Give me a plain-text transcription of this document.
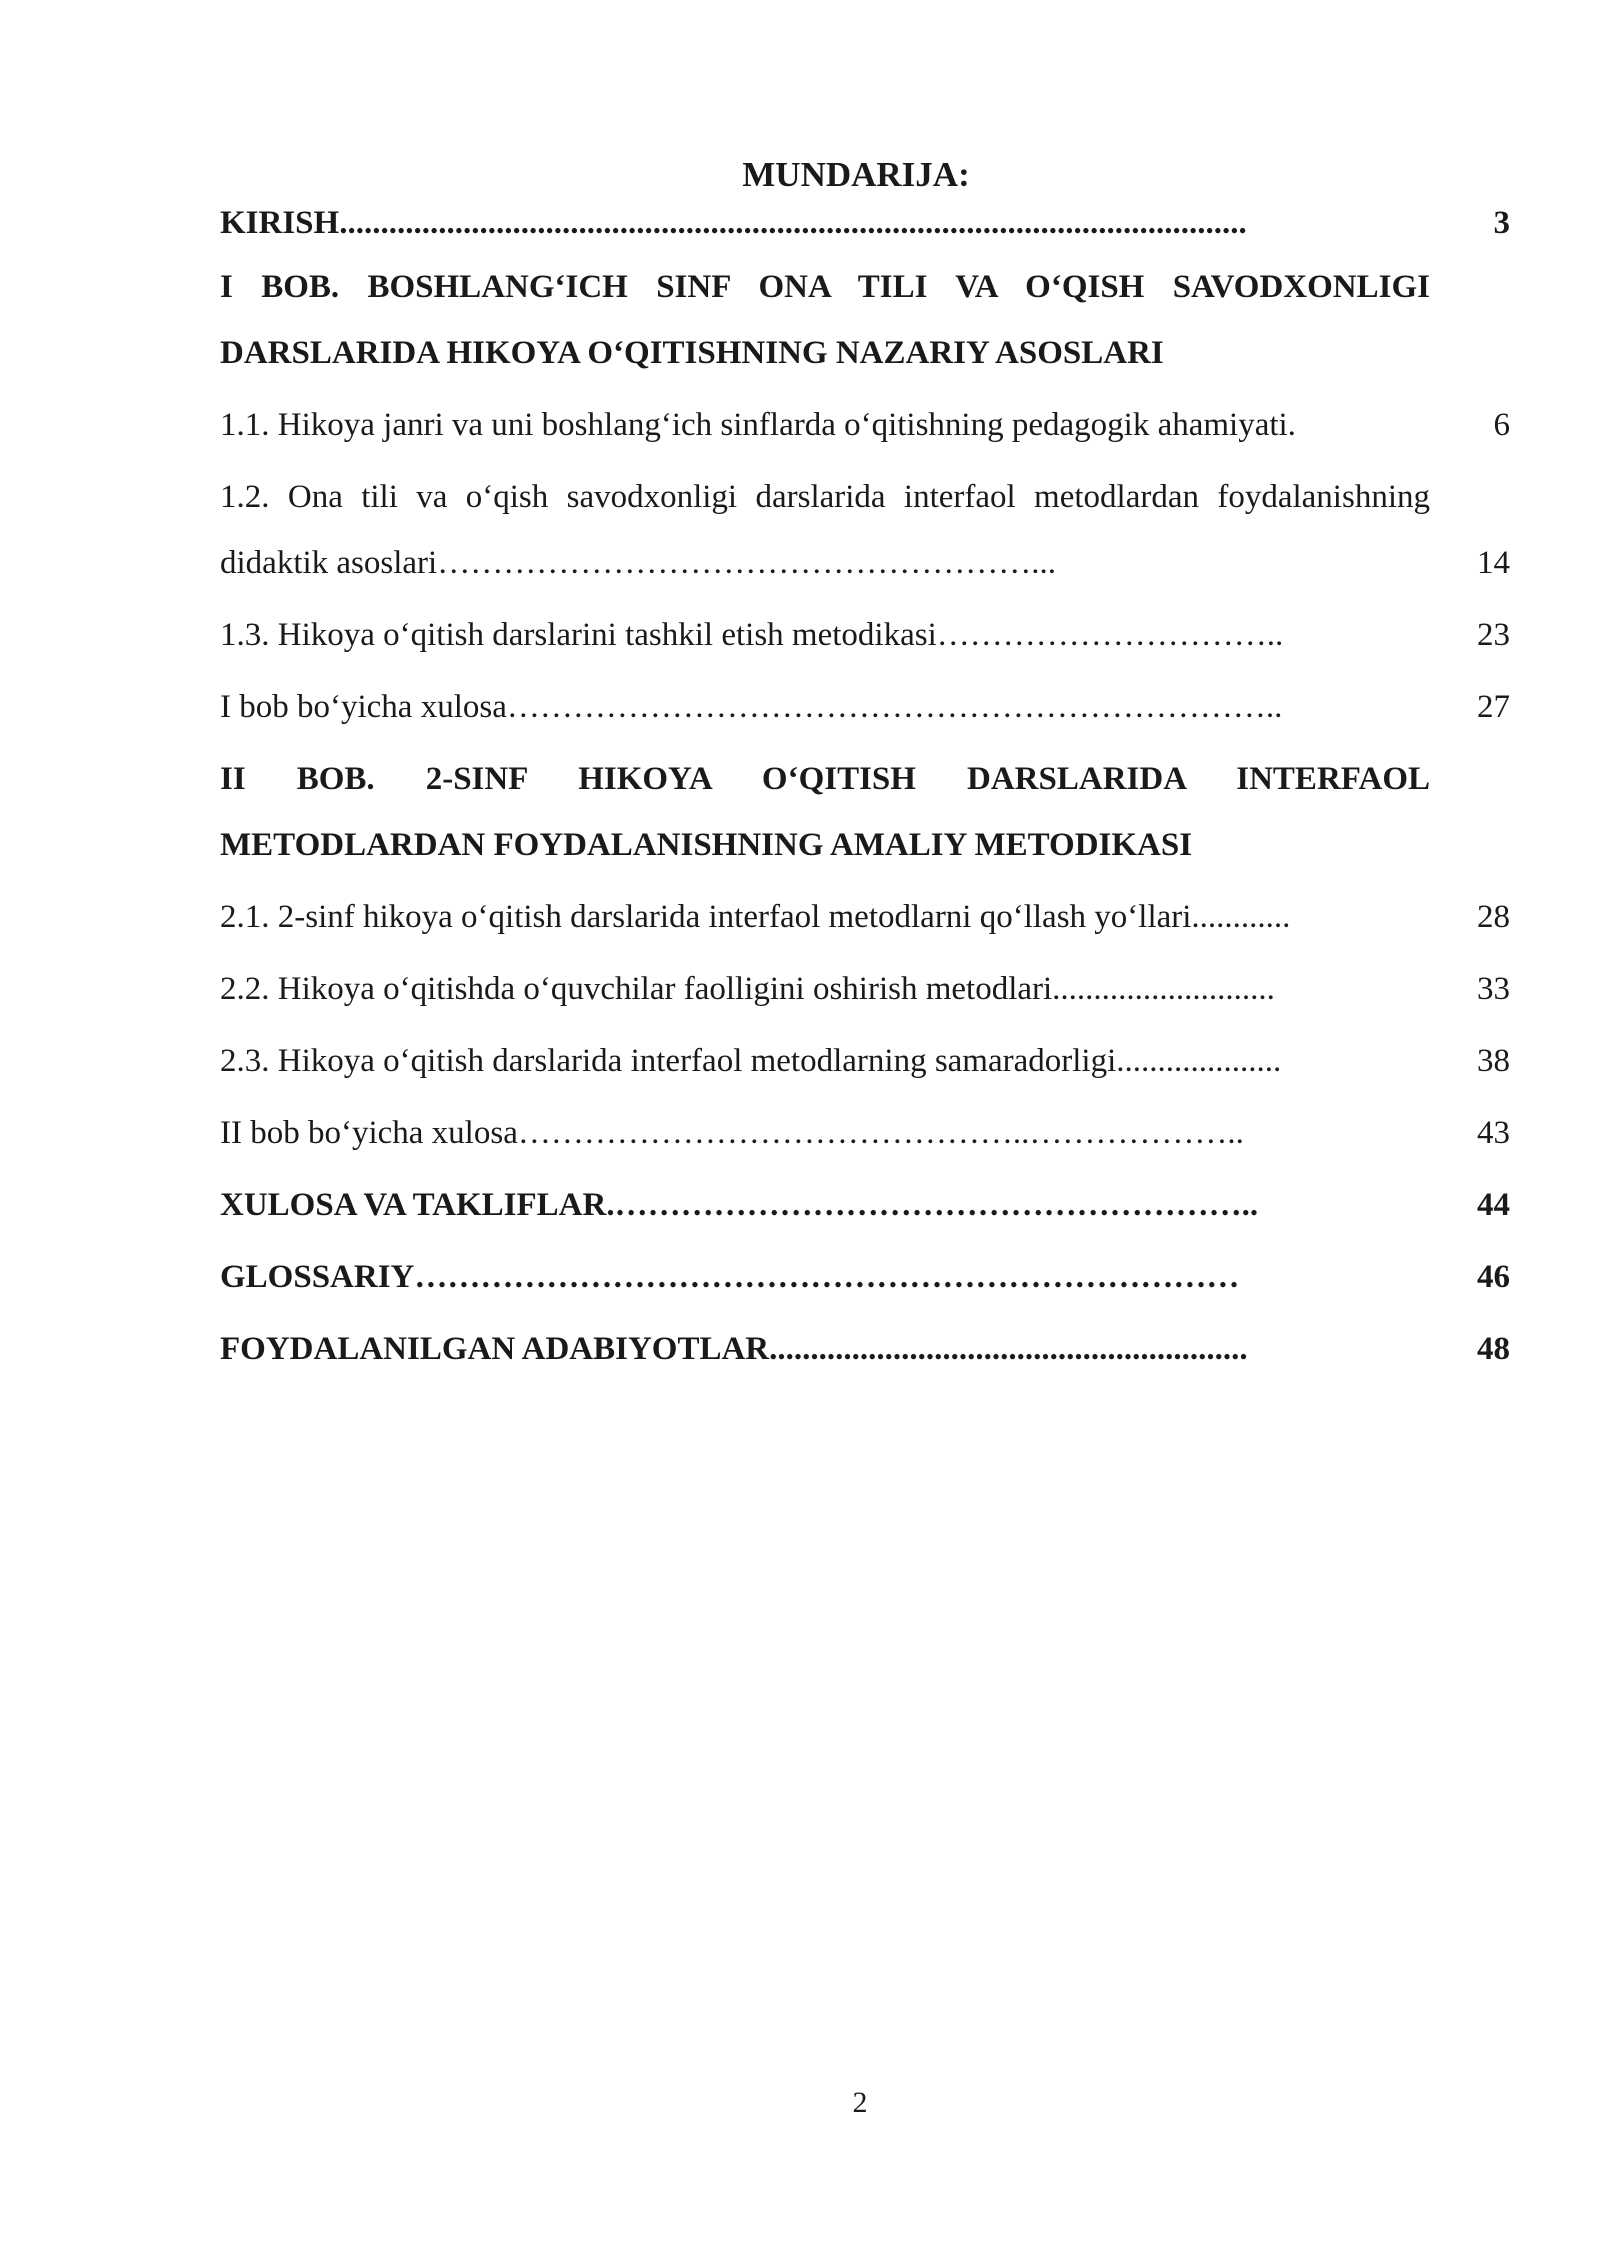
MUNDARIJA:
KIRISH..............................................................................................................	3
I BOB. BOSHLANG‘ICH SINF ONA TILI VA O‘QISH SAVODXONLIGI DARSLARIDA HIKOYA O‘QITISHNING NAZARIY ASOSLARI
1.1. Hikoya janri va uni boshlang‘ich sinflarda o‘qitishning pedagogik ahamiyati.	6
1.2. Ona tili va o‘qish savodxonligi darslarida interfaol metodlardan foydalanishning didaktik asoslari………………………………………………...	14
1.3. Hikoya o‘qitish darslarini tashkil etish metodikasi…………………………..	23
I bob bo‘yicha xulosa……………………………………………………………..	27
II BOB. 2-SINF HIKOYA O‘QITISH DARSLARIDA INTERFAOL METODLARDAN FOYDALANISHNING AMALIY METODIKASI
2.1. 2-sinf hikoya o‘qitish darslarida interfaol metodlarni qo‘llash yo‘llari............	28
2.2. Hikoya o‘qitishda o‘quvchilar faolligini oshirish metodlari...........................	33
2.3. Hikoya o‘qitish darslarida interfaol metodlarning samaradorligi....................	38
II bob bo‘yicha xulosa………………………………………..………………..	43
XULOSA VA TAKLIFLAR.…………………………………………………..	44
GLOSSARIY…………………………………………………………………	46
FOYDALANILGAN ADABIYOTLAR..........................................................	48
2
